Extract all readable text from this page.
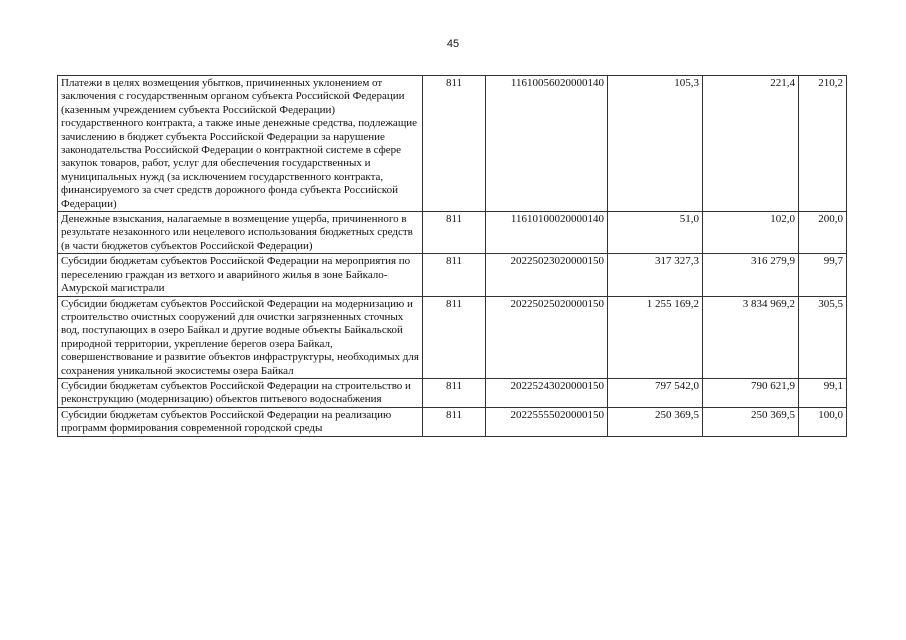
45
Платежи в целях возмещения убытков, причиненных уклонением от заключения с государственным органом субъекта Российской Федерации (казенным учреждением субъекта Российской Федерации) государственного контракта, а также иные денежные средства, подлежащие зачислению в бюджет субъекта Российской Федерации за нарушение законодательства Российской Федерации о контрактной системе в сфере закупок товаров, работ, услуг для обеспечения государственных и муниципальных нужд (за исключением государственного контракта, финансируемого за счет средств дорожного фонда субъекта Российской Федерации)	811	11610056020000140	105,3	221,4	210,2
Денежные взыскания, налагаемые в возмещение ущерба, причиненного в результате незаконного или нецелевого использования бюджетных средств (в части бюджетов субъектов Российской Федерации)	811	11610100020000140	51,0	102,0	200,0
Субсидии бюджетам субъектов Российской Федерации на мероприятия по переселению граждан из ветхого и аварийного жилья в зоне Байкало-Амурской магистрали	811	20225023020000150	317 327,3	316 279,9	99,7
Субсидии бюджетам субъектов Российской Федерации на модернизацию и строительство очистных сооружений для очистки загрязненных сточных вод, поступающих в озеро Байкал и другие водные объекты Байкальской природной территории, укрепление берегов озера Байкал, совершенствование и развитие объектов инфраструктуры, необходимых для сохранения уникальной экосистемы озера Байкал	811	20225025020000150	1 255 169,2	3 834 969,2	305,5
Субсидии бюджетам субъектов Российской Федерации на строительство и реконструкцию (модернизацию) объектов питьевого водоснабжения	811	20225243020000150	797 542,0	790 621,9	99,1
Субсидии бюджетам субъектов Российской Федерации на реализацию программ формирования современной городской среды	811	20225555020000150	250 369,5	250 369,5	100,0
